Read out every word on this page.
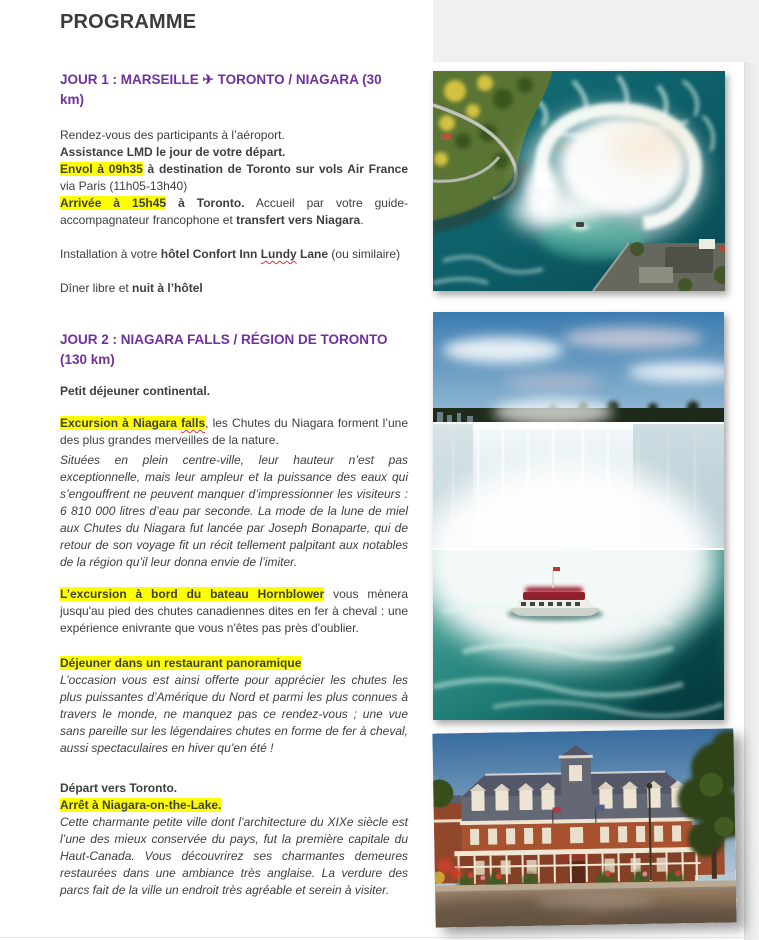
PROGRAMME
JOUR 1 : MARSEILLE ✈ TORONTO / NIAGARA (30 km)

Rendez-vous des participants à l’aéroport.
Assistance LMD le jour de votre départ.
Envol à 09h35 à destination de Toronto sur vols Air France via Paris (11h05-13h40)
Arrivée à 15h45 à Toronto. Accueil par votre guide-accompagnateur francophone et transfert vers Niagara.

Installation à votre hôtel Confort Inn Lundy Lane (ou similaire)

Dîner libre et nuit à l’hôtel

JOUR 2 : NIAGARA FALLS / RÉGION DE TORONTO
(130 km)

Petit déjeuner continental.

Excursion à Niagara falls, les Chutes du Niagara forment l’une des plus grandes merveilles de la nature.

Situées en plein centre-ville, leur hauteur n’est pas exceptionnelle, mais leur ampleur et la puissance des eaux qui s’engouffrent ne peuvent manquer d’impressionner les visiteurs : 6 810 000 litres d’eau par seconde. La mode de la lune de miel aux Chutes du Niagara fut lancée par Joseph Bonaparte, qui de retour de son voyage fit un récit tellement palpitant aux notables de la région qu’il leur donna envie de l’imiter.

L’excursion à bord du bateau Hornblower vous mènera jusqu'au pied des chutes canadiennes dites en fer à cheval : une expérience enivrante que vous n'êtes pas près d'oublier.

Déjeuner dans un restaurant panoramique

L’occasion vous est ainsi offerte pour apprécier les chutes les plus puissantes d’Amérique du Nord et parmi les plus connues à travers le monde, ne manquez pas ce rendez-vous ; une vue sans pareille sur les légendaires chutes en forme de fer à cheval, aussi spectaculaires en hiver qu’en été !

Départ vers Toronto.
Arrêt à Niagara-on-the-Lake.
Cette charmante petite ville dont l’architecture du XIXe siècle est l’une des mieux conservée du pays, fut la première capitale du Haut-Canada. Vous découvrirez ses charmantes demeures restaurées dans une ambiance très anglaise. La verdure des parcs fait de la ville un endroit très agréable et serein à visiter.
